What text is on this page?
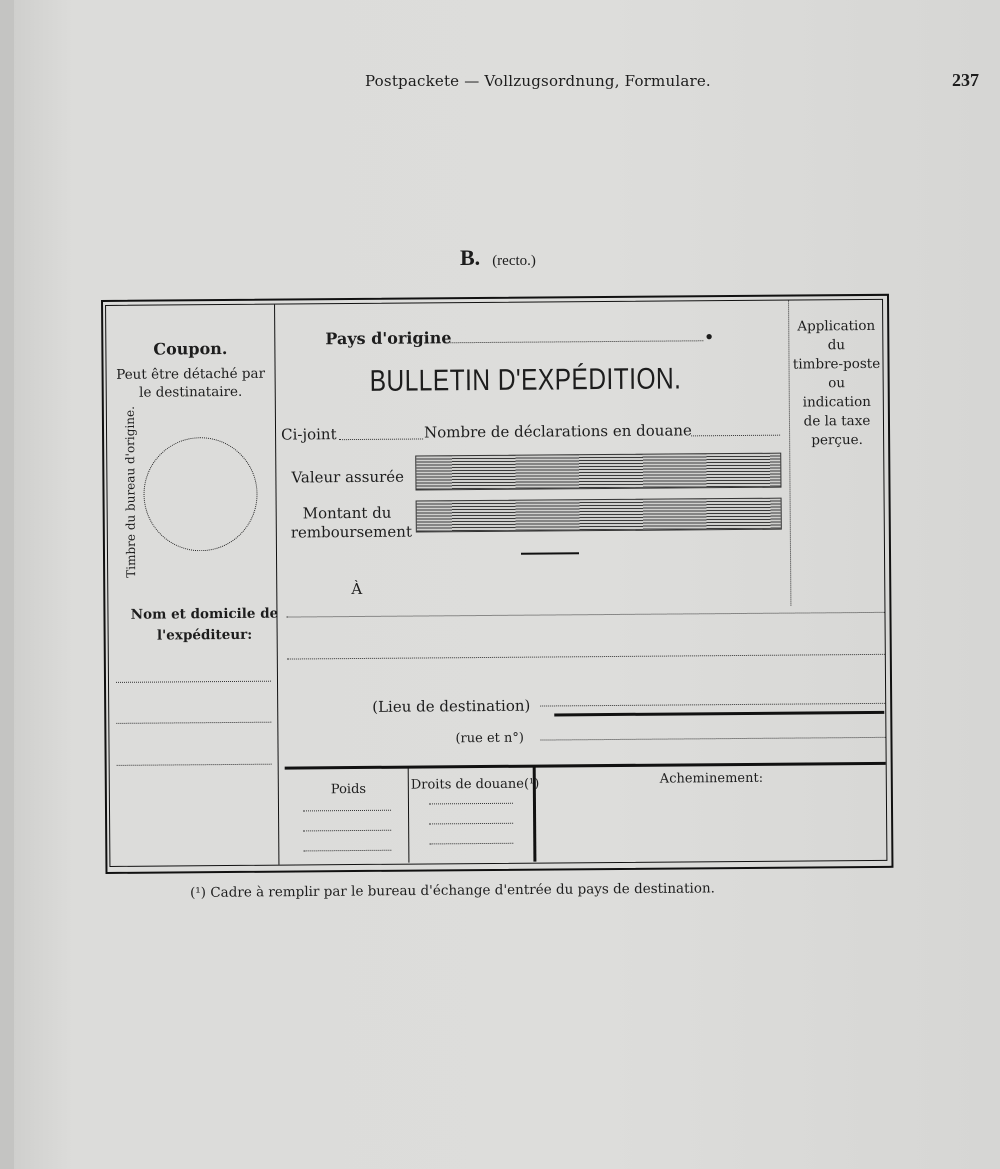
Postpackete — Vollzugsordnung, Formulare.	237
B. (recto.)
Coupon.
Peut être détaché par
le destinataire.
Timbre du bureau d'origine.
Nom et domicile de
l'expéditeur:
Pays d'origine	•
BULLETIN D'EXPÉDITION.
Ci-joint	Nombre de déclarations en douane
Valeur assurée
Montant du
remboursement
À
(Lieu de destination)
(rue et n°)
Application
du
timbre-poste
ou
indication
de la taxe
perçue.
Poids	Droits de douane(¹)	Acheminement:
(¹) Cadre à remplir par le bureau d'échange d'entrée du pays de destination.
